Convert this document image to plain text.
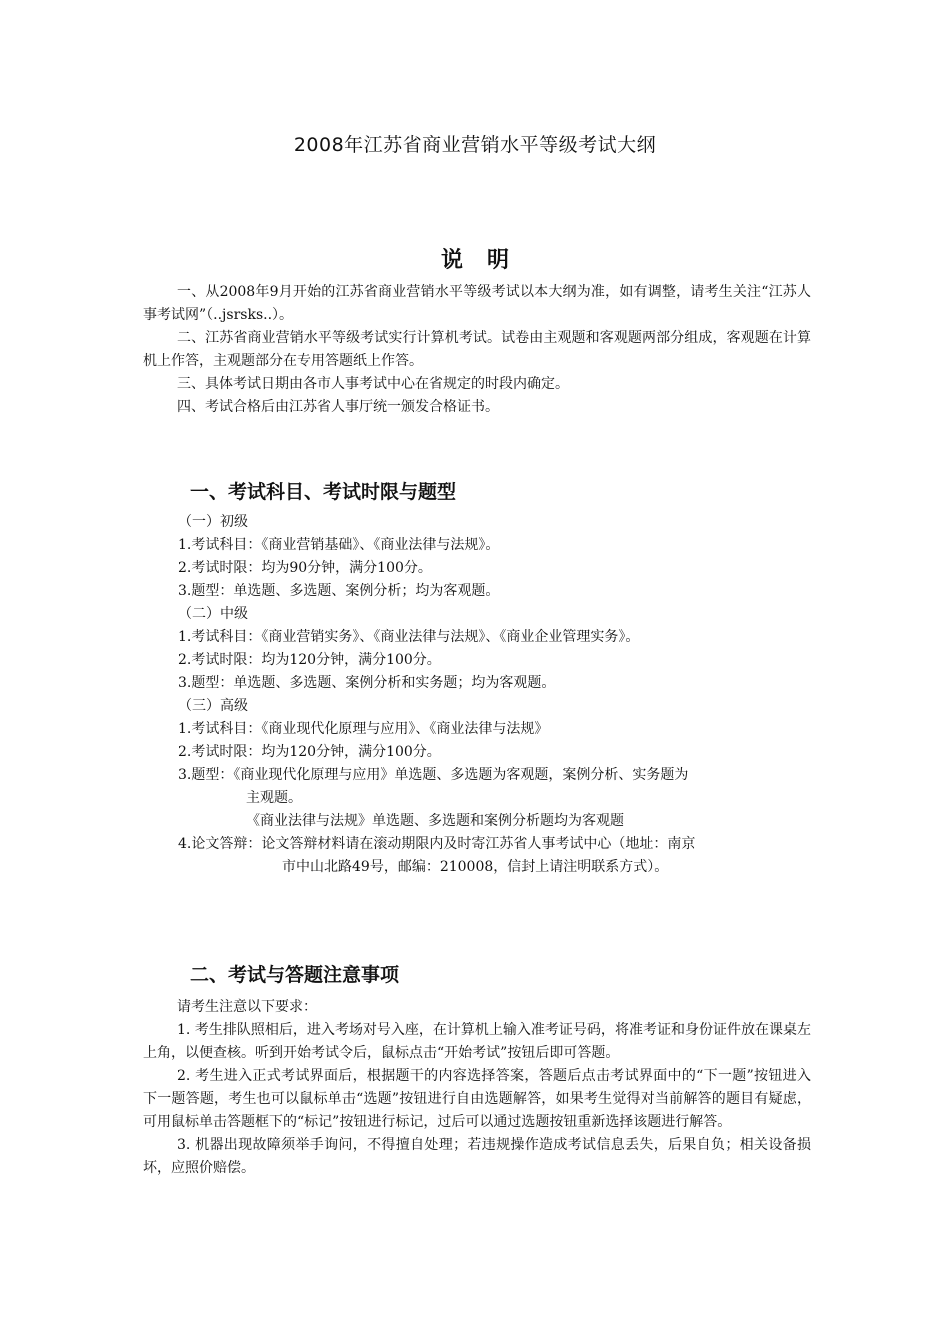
2008年江苏省商业营销水平等级考试大纲
说明

一、从2008年9月开始的江苏省商业营销水平等级考试以本大纲为准，如有调整，请考生关注“江苏人事考试网”（..jsrsks..）。

二、江苏省商业营销水平等级考试实行计算机考试。试卷由主观题和客观题两部分组成，客观题在计算机上作答，主观题部分在专用答题纸上作答。

三、具体考试日期由各市人事考试中心在省规定的时段内确定。

四、考试合格后由江苏省人事厅统一颁发合格证书。

一、考试科目、考试时限与题型
（一）初级
1.考试科目：《商业营销基础》、《商业法律与法规》。
2.考试时限：均为90分钟，满分100分。
3.题型：单选题、多选题、案例分析；均为客观题。
（二）中级
1.考试科目：《商业营销实务》、《商业法律与法规》、《商业企业管理实务》。
2.考试时限：均为120分钟，满分100分。
3.题型：单选题、多选题、案例分析和实务题；均为客观题。
（三）高级
1.考试科目：《商业现代化原理与应用》、《商业法律与法规》
2.考试时限：均为120分钟，满分100分。
3.题型：《商业现代化原理与应用》单选题、多选题为客观题，案例分析、实务题为
主观题。
《商业法律与法规》单选题、多选题和案例分析题均为客观题
4.论文答辩：论文答辩材料请在滚动期限内及时寄江苏省人事考试中心（地址：南京
市中山北路49号，邮编：210008，信封上请注明联系方式）。
二、考试与答题注意事项

请考生注意以下要求：

1. 考生排队照相后，进入考场对号入座，在计算机上输入准考证号码，将准考证和身份证件放在课桌左上角，以便查核。听到开始考试令后，鼠标点击“开始考试”按钮后即可答题。

2. 考生进入正式考试界面后，根据题干的内容选择答案，答题后点击考试界面中的“下一题”按钮进入下一题答题，考生也可以鼠标单击“选题”按钮进行自由选题解答，如果考生觉得对当前解答的题目有疑虑，可用鼠标单击答题框下的“标记”按钮进行标记，过后可以通过选题按钮重新选择该题进行解答。

3. 机器出现故障须举手询问，不得擅自处理；若违规操作造成考试信息丢失，后果自负；相关设备损坏，应照价赔偿。
